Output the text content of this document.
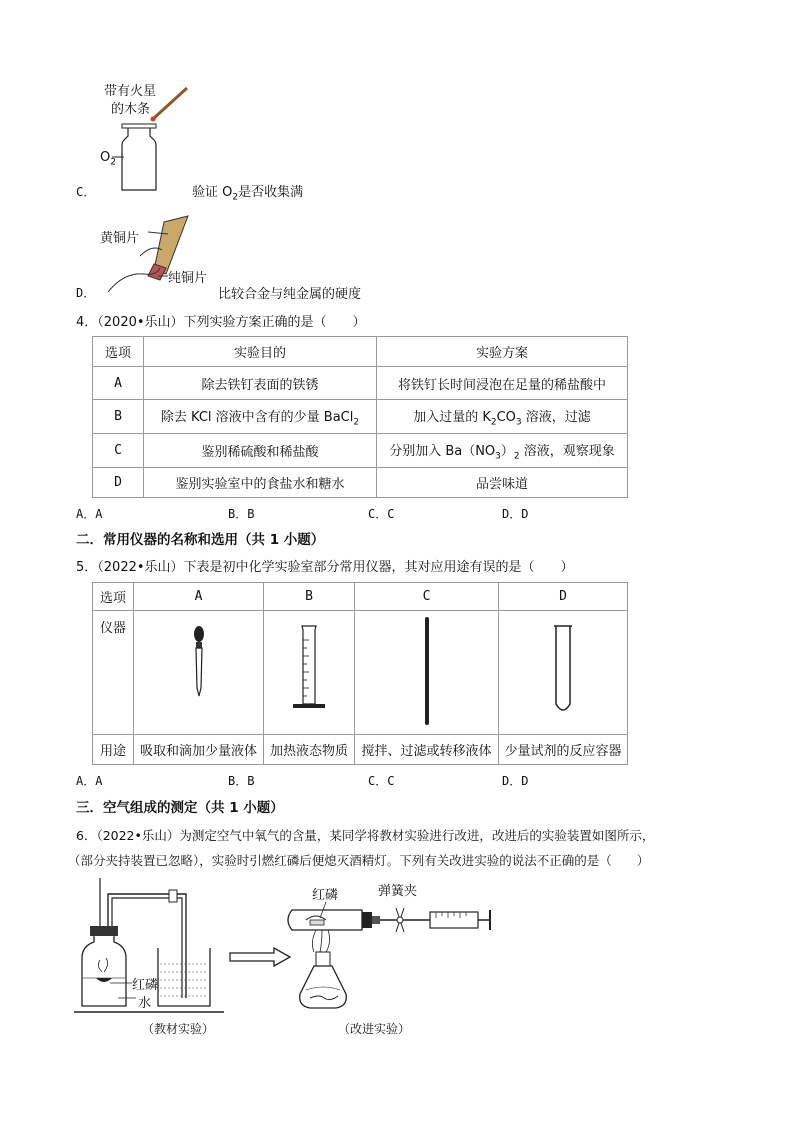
带有火星
的木条
$O_2$
C．	验证 $O_2$是否收集满
黄铜片
纯铜片
D．	比较合金与纯金属的硬度
4．（2020•乐山）下列实验方案正确的是（　　）
选项	实验目的	实验方案
A	除去铁钉表面的铁锈	将铁钉长时间浸泡在足量的稀盐酸中
B	除去 KCl 溶液中含有的少量 BaCl$_2$	加入过量的 $K_2CO_3$ 溶液，过滤
C	鉴别稀硫酸和稀盐酸	分别加入 $Ba(NO_3)_2$ 溶液，观察现象
D	鉴别实验室中的食盐水和糖水	品尝味道
A．A	B．B	C．C	D．D
二．常用仪器的名称和选用（共 1 小题）
5．（2022•乐山）下表是初中化学实验室部分常用仪器，其对应用途有误的是（　　）
选项	A	B	C	D
仪器				
用途	吸取和滴加少量液体	加热液态物质	搅拌、过滤或转移液体	少量试剂的反应容器
A．A	B．B	C．C	D．D
三．空气组成的测定（共 1 小题）
6．（2022•乐山）为测定空气中氧气的含量，某同学将教材实验进行改进，改进后的实验装置如图所示，
（部分夹持装置已忽略），实验时引燃红磷后便熄灭酒精灯。下列有关改进实验的说法不正确的是（　　）
红磷
水
（教材实验）
红磷	弹簧夹
（改进实验）
